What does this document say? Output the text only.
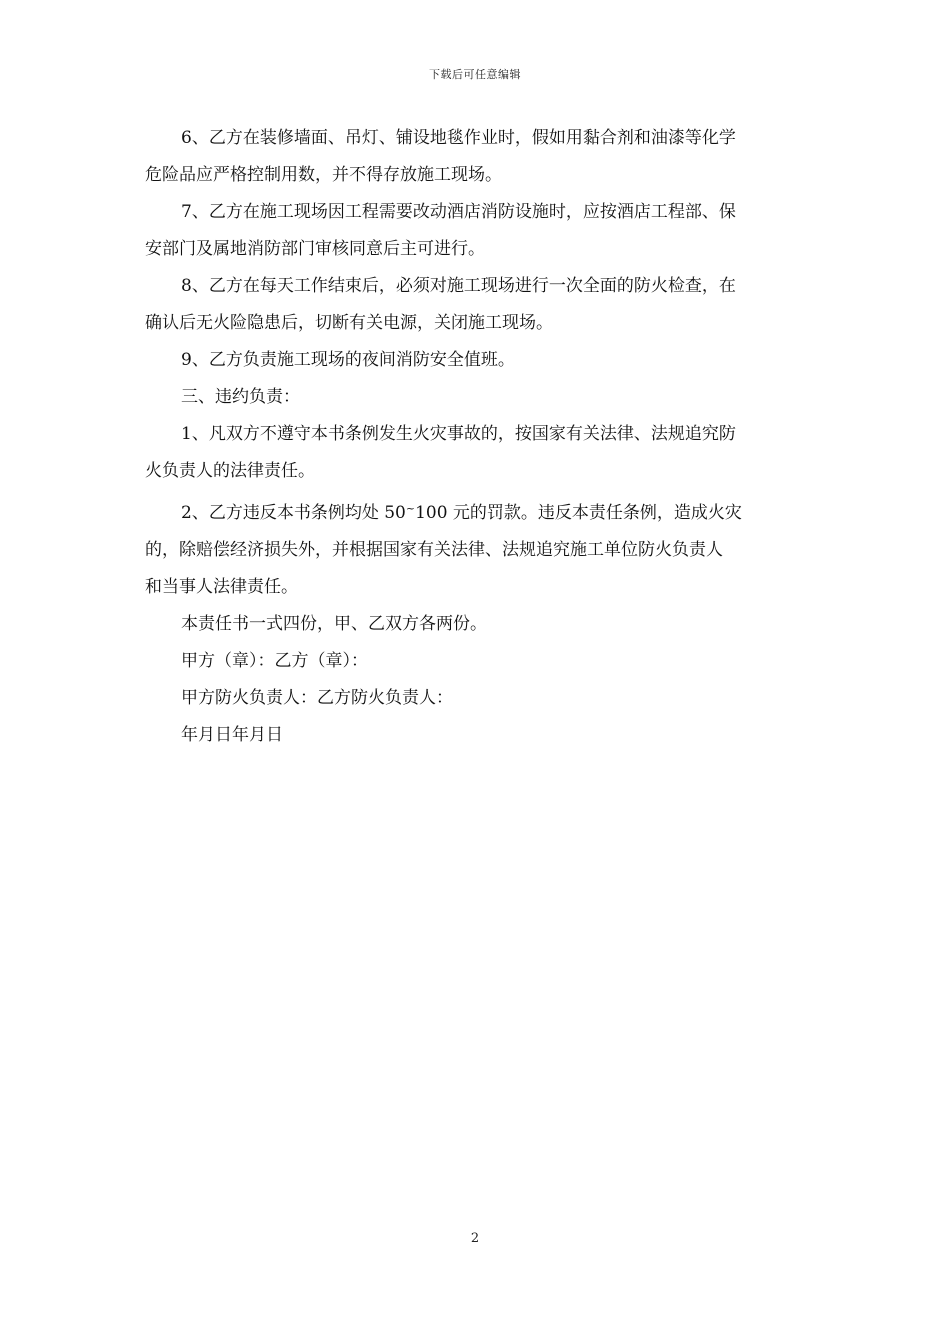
下载后可任意编辑

6、乙方在装修墙面、吊灯、铺设地毯作业时，假如用黏合剂和油漆等化学
危险品应严格控制用数，并不得存放施工现场。

7、乙方在施工现场因工程需要改动酒店消防设施时，应按酒店工程部、保
安部门及属地消防部门审核同意后主可进行。

8、乙方在每天工作结束后，必须对施工现场进行一次全面的防火检查，在
确认后无火险隐患后，切断有关电源，关闭施工现场。

9、乙方负责施工现场的夜间消防安全值班。

三、违约负责：

1、凡双方不遵守本书条例发生火灾事故的，按国家有关法律、法规追究防
火负责人的法律责任。

2、乙方违反本书条例均处 50~100 元的罚款。违反本责任条例，造成火灾
的，除赔偿经济损失外，并根据国家有关法律、法规追究施工单位防火负责人
和当事人法律责任。

本责任书一式四份，甲、乙双方各两份。

甲方（章）：乙方（章）：

甲方防火负责人：乙方防火负责人：

年月日年月日

2
